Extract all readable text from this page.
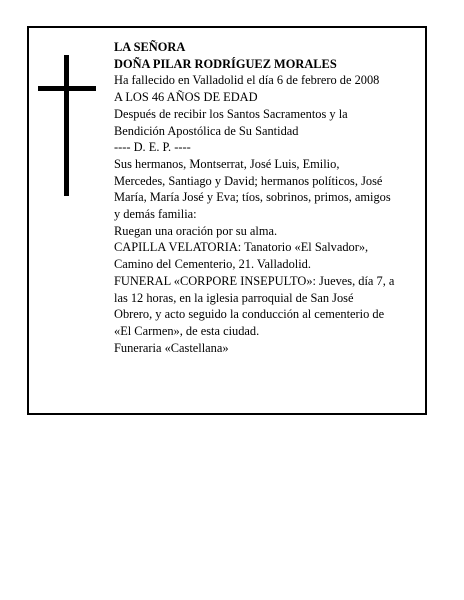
LA SEÑORA
DOÑA PILAR RODRÍGUEZ MORALES
Ha fallecido en Valladolid el día 6 de febrero de 2008
A LOS 46 AÑOS DE EDAD
Después de recibir los Santos Sacramentos y la
Bendición Apostólica de Su Santidad
---- D. E. P. ----
Sus hermanos, Montserrat, José Luis, Emilio,
Mercedes, Santiago y David; hermanos políticos, José
María, María José y Eva; tíos, sobrinos, primos, amigos
y demás familia:
Ruegan una oración por su alma.
CAPILLA VELATORIA: Tanatorio «El Salvador»,
Camino del Cementerio, 21. Valladolid.
FUNERAL «CORPORE INSEPULTO»: Jueves, día 7, a
las 12 horas, en la iglesia parroquial de San José
Obrero, y acto seguido la conducción al cementerio de
«El Carmen», de esta ciudad.
Funeraria «Castellana»
